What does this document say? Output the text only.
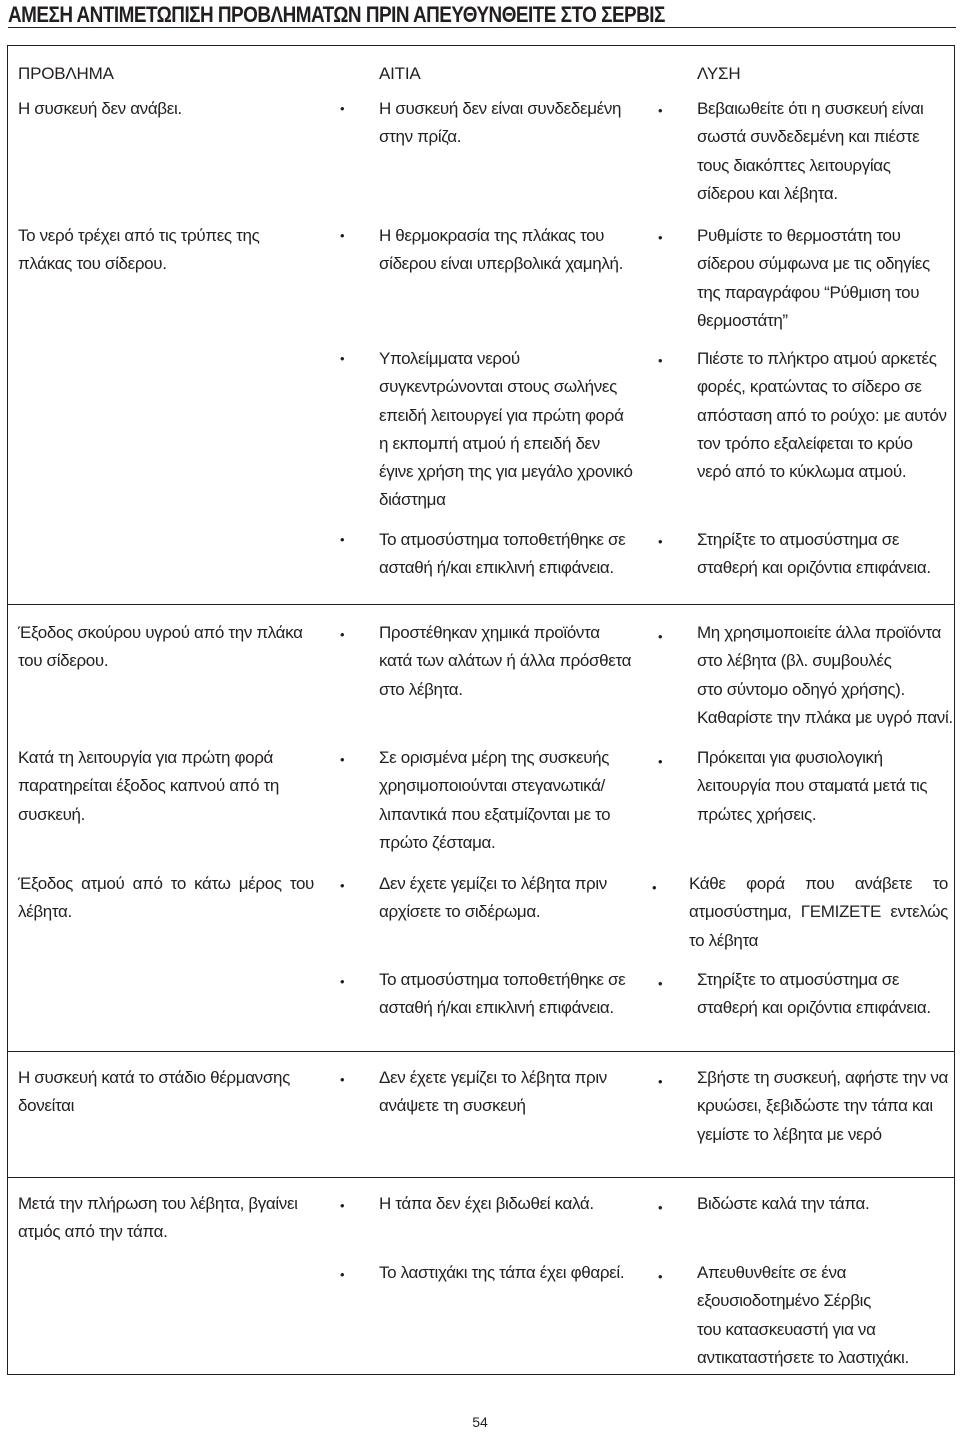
ΑΜΕΣΗ ΑΝΤΙΜΕΤΩΠΙΣΗ ΠΡΟΒΛΗΜΑΤΩΝ ΠΡΙΝ ΑΠΕΥΘΥΝΘΕΙΤΕ ΣΤΟ ΣΕΡΒΙΣ
ΠΡΟΒΛΗΜΑ	ΑΙΤΙΑ	ΛΥΣΗ
Η συσκευή δεν ανάβει.
Το νερό τρέχει από τις τρύπες της
πλάκας του σίδερου.
Έξοδος σκούρου υγρού από την πλάκα
του σίδερου.
Κατά τη λειτουργία για πρώτη φορά
παρατηρείται έξοδος καπνού από τη
συσκευή.
Έξοδος ατμού από το κάτω μέρος του λέβητα.
Η συσκευή κατά το στάδιο θέρμανσης
δονείται
Μετά την πλήρωση του λέβητα, βγαίνει
ατμός από την τάπα.
•
•
•
•
•
•
•
•
•
•
•
Η συσκευή δεν είναι συνδεδεμένη
στην πρίζα.
Η θερμοκρασία της πλάκας του
σίδερου είναι υπερβολικά χαμηλή.
Υπολείμματα νερού
συγκεντρώνονται στους σωλήνες
επειδή λειτουργεί για πρώτη φορά
η εκπομπή ατμού ή επειδή δεν
έγινε χρήση της για μεγάλο χρονικό
διάστημα
Το ατμοσύστημα τοποθετήθηκε σε
ασταθή ή/και επικλινή επιφάνεια.
Προστέθηκαν χημικά προϊόντα
κατά των αλάτων ή άλλα πρόσθετα
στο λέβητα.
Σε ορισμένα μέρη της συσκευής
χρησιμοποιούνται στεγανωτικά/
λιπαντικά που εξατμίζονται με το
πρώτο ζέσταμα.
Δεν έχετε γεμίζει το λέβητα πριν
αρχίσετε το σιδέρωμα.
Το ατμοσύστημα τοποθετήθηκε σε
ασταθή ή/και επικλινή επιφάνεια.
Δεν έχετε γεμίζει το λέβητα πριν
ανάψετε τη συσκευή
Η τάπα δεν έχει βιδωθεί καλά.
Το λαστιχάκι της τάπα έχει φθαρεί.
•
•
•
•
•
•
•
•
•
•
•
Βεβαιωθείτε ότι η συσκευή είναι
σωστά συνδεδεμένη και πιέστε
τους διακόπτες λειτουργίας
σίδερου και λέβητα.
Ρυθμίστε το θερμοστάτη του
σίδερου σύμφωνα με τις οδηγίες
της παραγράφου “Ρύθμιση του
θερμοστάτη”
Πιέστε το πλήκτρο ατμού αρκετές
φορές, κρατώντας το σίδερο σε
απόσταση από το ρούχο: με αυτόν
τον τρόπο εξαλείφεται το κρύο
νερό από το κύκλωμα ατμού.
Στηρίξτε το ατμοσύστημα σε
σταθερή και οριζόντια επιφάνεια.
Μη χρησιμοποιείτε άλλα προϊόντα
στο λέβητα (βλ. συμβουλές
στο σύντομο οδηγό χρήσης).
Καθαρίστε την πλάκα με υγρό πανί.
Πρόκειται για φυσιολογική
λειτουργία που σταματά μετά τις
πρώτες χρήσεις.
Κάθε φορά που ανάβετε το ατμοσύστημα, ΓΕΜΙΖΕΤΕ εντελώς το λέβητα
Στηρίξτε το ατμοσύστημα σε
σταθερή και οριζόντια επιφάνεια.
Σβήστε τη συσκευή, αφήστε την να
κρυώσει, ξεβιδώστε την τάπα και
γεμίστε το λέβητα με νερό
Βιδώστε καλά την τάπα.
Απευθυνθείτε σε ένα
εξουσιοδοτημένο Σέρβις
του κατασκευαστή για να
αντικαταστήσετε το λαστιχάκι.
54
